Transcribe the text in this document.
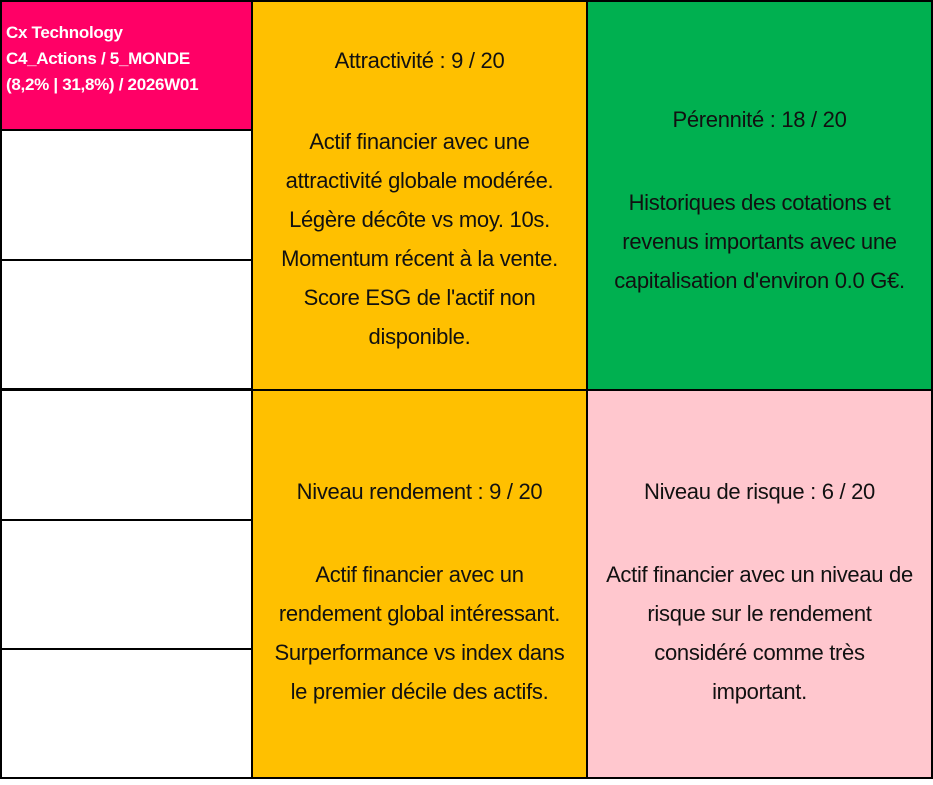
Cx Technology
C4_Actions / 5_MONDE
(8,2% | 31,8%) / 2026W01
Attractivité : 9 / 20
Actif financier avec une
attractivité globale modérée.
Légère décôte vs moy. 10s.
Momentum récent à la vente.
Score ESG de l'actif non
disponible.
Pérennité : 18 / 20
Historiques des cotations et
revenus importants avec une
capitalisation d'environ 0.0 G€.
Niveau rendement : 9 / 20
Actif financier avec un
rendement global intéressant.
Surperformance vs index dans
le premier décile des actifs.
Niveau de risque : 6 / 20
Actif financier avec un niveau de
risque sur le rendement
considéré comme très
important.
